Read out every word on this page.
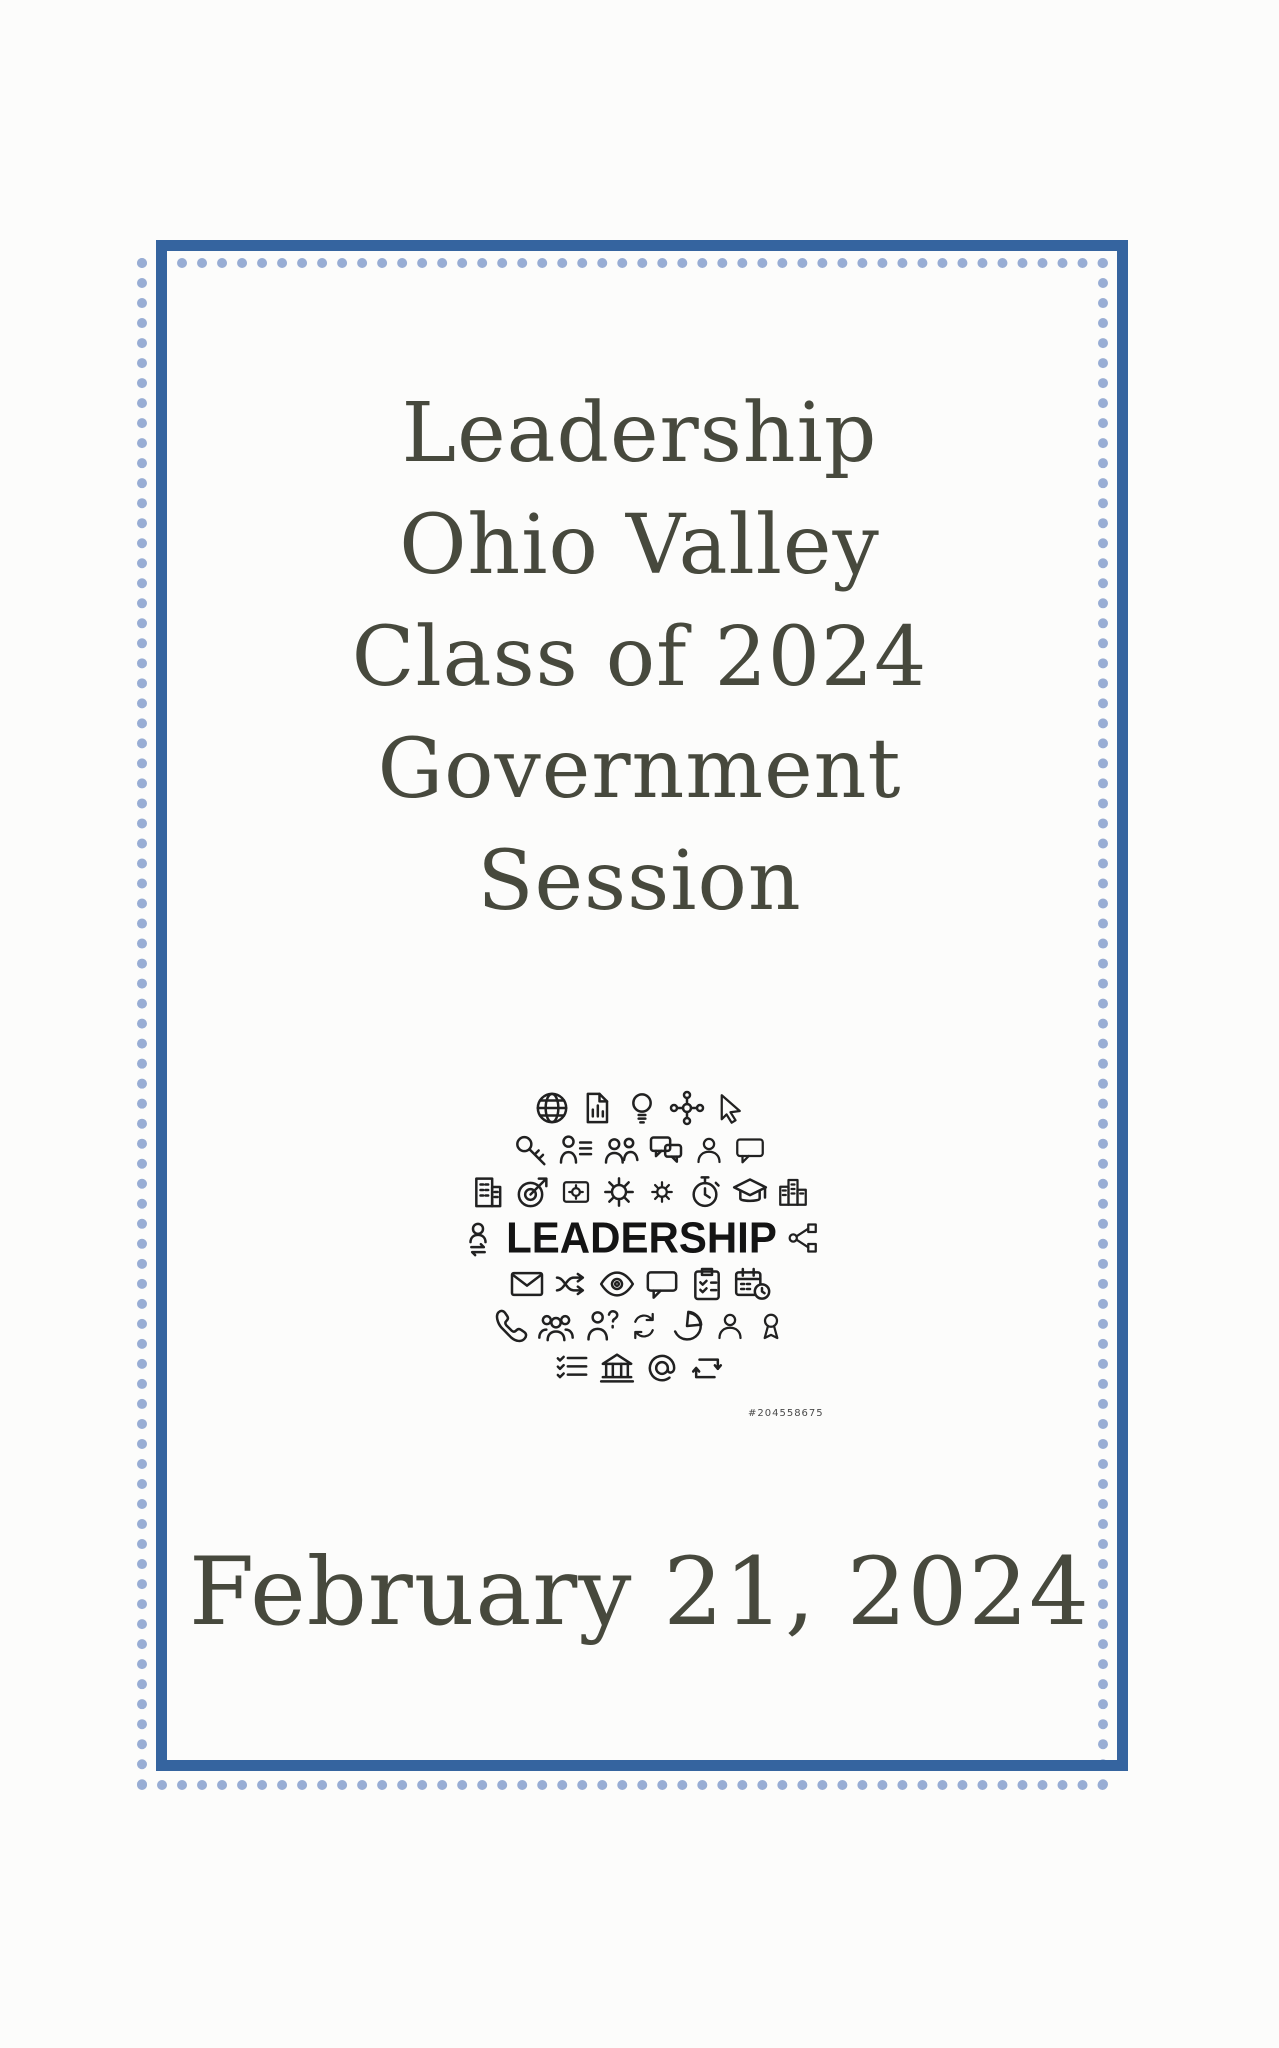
Leadership
Ohio Valley
Class of 2024
Government
Session
LEADERSHIP
#204558675
February 21, 2024
